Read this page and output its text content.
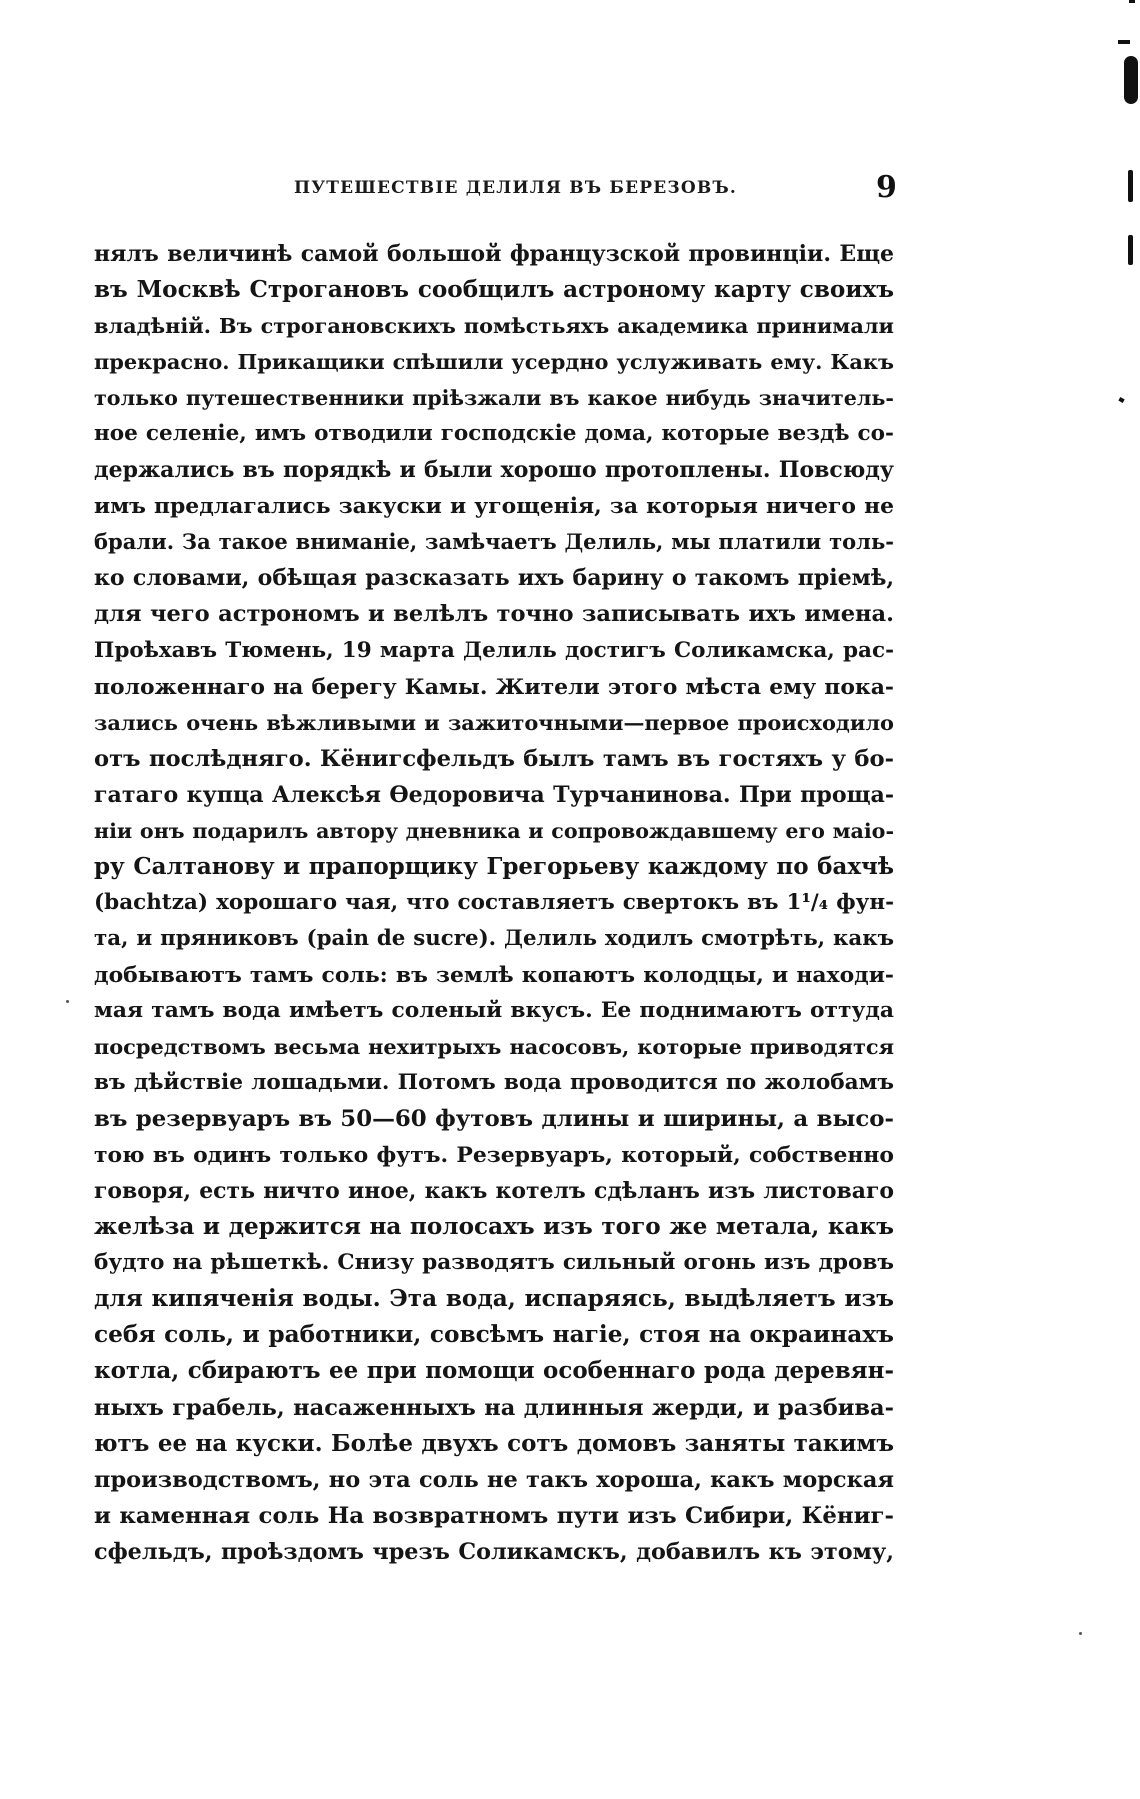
ПУТЕШЕСТВІЕ ДЕЛИЛЯ ВЪ БЕРЕЗОВЪ.	9
нялъ величинѣ самой большой французской провинціи. Еще
въ Москвѣ Строгановъ сообщилъ астроному карту своихъ
владѣній. Въ строгановскихъ помѣстьяхъ академика принимали
прекрасно. Прикащики спѣшили усердно услуживать ему. Какъ
только путешественники пріѣзжали въ какое нибудь значитель-
ное селеніе, имъ отводили господскіе дома, которые вездѣ со-
держались въ порядкѣ и были хорошо протоплены. Повсюду
имъ предлагались закуски и угощенія, за которыя ничего не
брали. За такое вниманіе, замѣчаетъ Делиль, мы платили толь-
ко словами, обѣщая разсказать ихъ барину о такомъ пріемѣ,
для чего астрономъ и велѣлъ точно записывать ихъ имена.
Проѣхавъ Тюмень, 19 марта Делиль достигъ Соликамска, рас-
положеннаго на берегу Камы. Жители этого мѣста ему пока-
зались очень вѣжливыми и зажиточными—первое происходило
отъ послѣдняго. Кёнигсфельдъ былъ тамъ въ гостяхъ у бо-
гатаго купца Алексѣя Өедоровича Турчанинова. При проща-
ніи онъ подарилъ автору дневника и сопровождавшему его маіо-
ру Салтанову и прапорщику Грегорьеву каждому по бахчѣ
(bachtza) хорошаго чая, что составляетъ свертокъ въ 1¹/₄ фун-
та, и пряниковъ (pain de sucre). Делиль ходилъ смотрѣть, какъ
добываютъ тамъ соль: въ землѣ копаютъ колодцы, и находи-
мая тамъ вода имѣетъ соленый вкусъ. Ее поднимаютъ оттуда
посредствомъ весьма нехитрыхъ насосовъ, которые приводятся
въ дѣйствіе лошадьми. Потомъ вода проводится по жолобамъ
въ резервуаръ въ 50—60 футовъ длины и ширины, а высо-
тою въ одинъ только футъ. Резервуаръ, который, собственно
говоря, есть ничто иное, какъ котелъ сдѣланъ изъ листоваго
желѣза и держится на полосахъ изъ того же метала, какъ
будто на рѣшеткѣ. Снизу разводятъ сильный огонь изъ дровъ
для кипяченія воды. Эта вода, испаряясь, выдѣляетъ изъ
себя соль, и работники, совсѣмъ нагіе, стоя на окраинахъ
котла, сбираютъ ее при помощи особеннаго рода деревян-
ныхъ грабель, насаженныхъ на длинныя жерди, и разбива-
ютъ ее на куски. Болѣе двухъ сотъ домовъ заняты такимъ
производствомъ, но эта соль не такъ хороша, какъ морская
и каменная соль На возвратномъ пути изъ Сибири, Кёниг-
сфельдъ, проѣздомъ чрезъ Соликамскъ, добавилъ къ этому,
